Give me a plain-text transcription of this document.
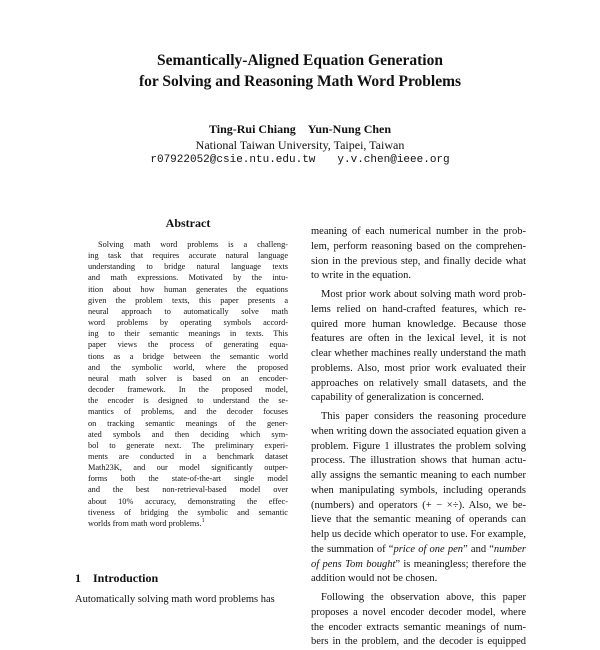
Semantically-Aligned Equation Generation
for Solving and Reasoning Math Word Problems
Ting-Rui Chiang Yun-Nung Chen
National Taiwan University, Taipei, Taiwan
r07922052@csie.ntu.edu.tw y.v.chen@ieee.org
Abstract
Solving math word problems is a challeng-
ing task that requires accurate natural language
understanding to bridge natural language texts
and math expressions. Motivated by the intu-
ition about how human generates the equations
given the problem texts, this paper presents a
neural approach to automatically solve math
word problems by operating symbols accord-
ing to their semantic meanings in texts. This
paper views the process of generating equa-
tions as a bridge between the semantic world
and the symbolic world, where the proposed
neural math solver is based on an encoder-
decoder framework. In the proposed model,
the encoder is designed to understand the se-
mantics of problems, and the decoder focuses
on tracking semantic meanings of the gener-
ated symbols and then deciding which sym-
bol to generate next. The preliminary experi-
ments are conducted in a benchmark dataset
Math23K, and our model significantly outper-
forms both the state-of-the-art single model
and the best non-retrieval-based model over
about 10% accuracy, demonstrating the effec-
tiveness of bridging the symbolic and semantic
worlds from math word problems.$^1$
1 Introduction
Automatically solving math word problems has
meaning of each numerical number in the prob-
lem, perform reasoning based on the comprehen-
sion in the previous step, and finally decide what
to write in the equation.
Most prior work about solving math word prob-
lems relied on hand-crafted features, which re-
quired more human knowledge. Because those
features are often in the lexical level, it is not
clear whether machines really understand the math
problems. Also, most prior work evaluated their
approaches on relatively small datasets, and the
capability of generalization is concerned.
This paper considers the reasoning procedure
when writing down the associated equation given a
problem. Figure 1 illustrates the problem solving
process. The illustration shows that human actu-
ally assigns the semantic meaning to each number
when manipulating symbols, including operands
(numbers) and operators (+ − ×÷). Also, we be-
lieve that the semantic meaning of operands can
help us decide which operator to use. For example,
the summation of “price of one pen” and “number
of pens Tom bought” is meaningless; therefore the
addition would not be chosen.
Following the observation above, this paper
proposes a novel encoder decoder model, where
the encoder extracts semantic meanings of num-
bers in the problem, and the decoder is equipped
